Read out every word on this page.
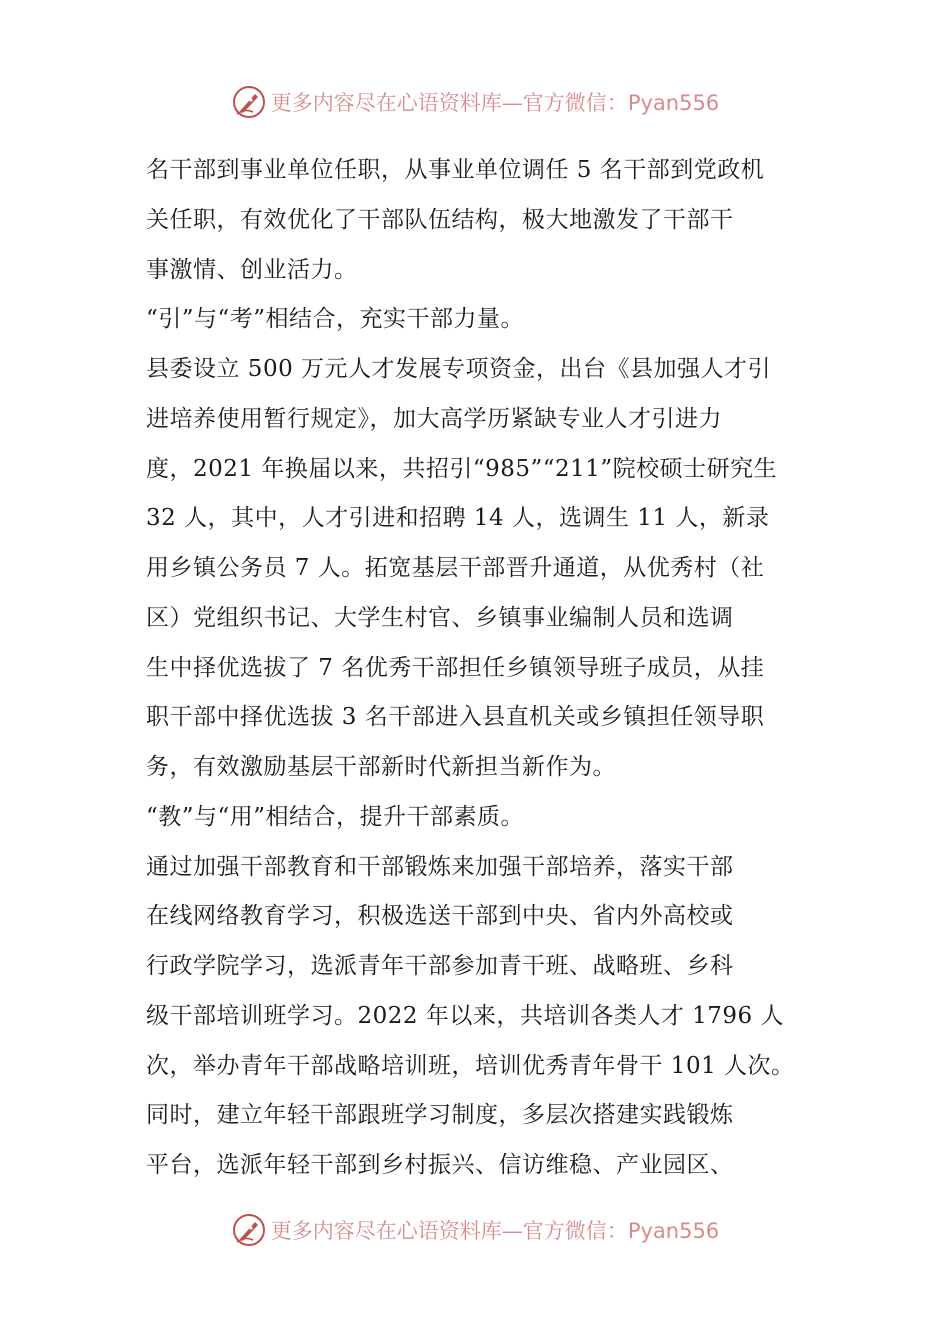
更多内容尽在心语资料库—官方微信：Pyan556
名干部到事业单位任职，从事业单位调任 5 名干部到党政机
关任职，有效优化了干部队伍结构，极大地激发了干部干
事激情、创业活力。
“引”与“考”相结合，充实干部力量。
县委设立 500 万元人才发展专项资金，出台《县加强人才引
进培养使用暂行规定》，加大高学历紧缺专业人才引进力
度，2021 年换届以来，共招引“985”“211”院校硕士研究生
32 人，其中，人才引进和招聘 14 人，选调生 11 人，新录
用乡镇公务员 7 人。拓宽基层干部晋升通道，从优秀村（社
区）党组织书记、大学生村官、乡镇事业编制人员和选调
生中择优选拔了 7 名优秀干部担任乡镇领导班子成员，从挂
职干部中择优选拔 3 名干部进入县直机关或乡镇担任领导职
务，有效激励基层干部新时代新担当新作为。
“教”与“用”相结合，提升干部素质。
通过加强干部教育和干部锻炼来加强干部培养，落实干部
在线网络教育学习，积极选送干部到中央、省内外高校或
行政学院学习，选派青年干部参加青干班、战略班、乡科
级干部培训班学习。2022 年以来，共培训各类人才 1796 人
次，举办青年干部战略培训班，培训优秀青年骨干 101 人次。
同时，建立年轻干部跟班学习制度，多层次搭建实践锻炼
平台，选派年轻干部到乡村振兴、信访维稳、产业园区、
更多内容尽在心语资料库—官方微信：Pyan556
